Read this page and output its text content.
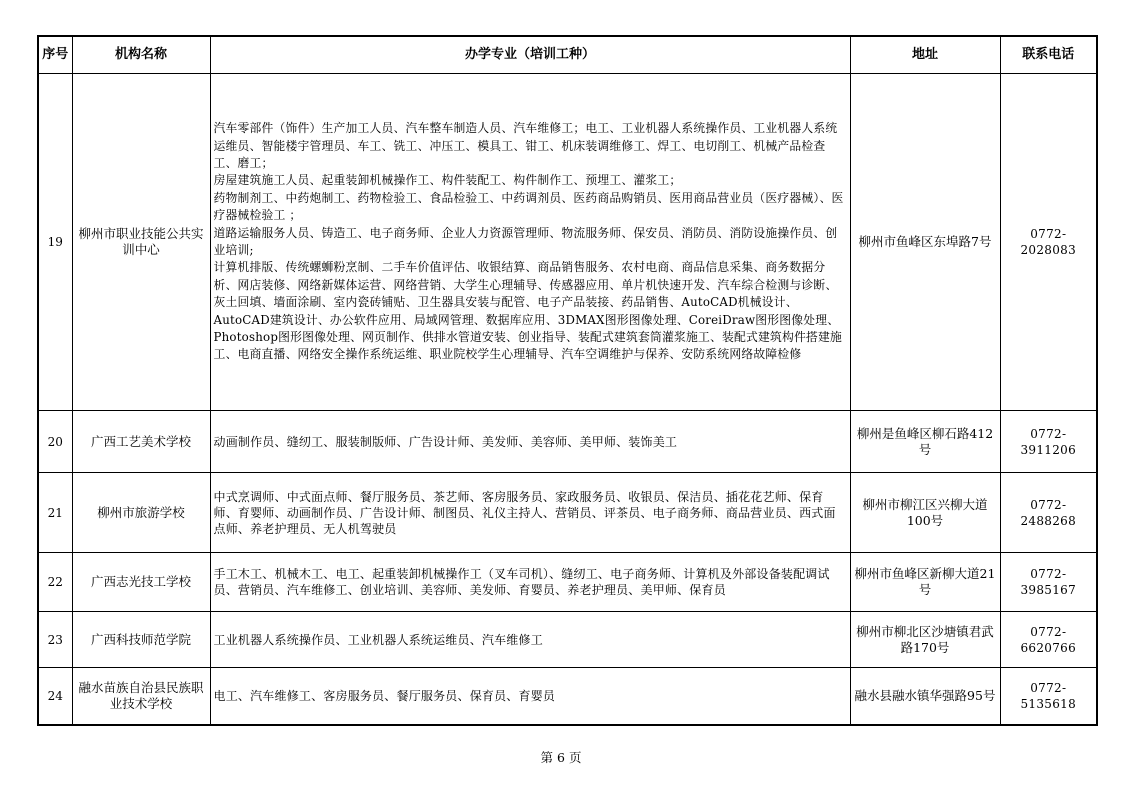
序号	机构名称	办学专业（培训工种）	地址	联系电话
19	柳州市职业技能公共实训中心	汽车零部件（饰件）生产加工人员、汽车整车制造人员、汽车维修工；电工、工业机器人系统操作员、工业机器人系统运维员、智能楼宇管理员、车工、铣工、冲压工、模具工、钳工、机床装调维修工、焊工、电切削工、机械产品检查工、磨工；
房屋建筑施工人员、起重装卸机械操作工、构件装配工、构件制作工、预埋工、灌浆工；
药物制剂工、中药炮制工、药物检验工、食品检验工、中药调剂员、医药商品购销员、医用商品营业员（医疗器械）、医疗器械检验工 ；
道路运输服务人员、铸造工、电子商务师、企业人力资源管理师、物流服务师、保安员、消防员、消防设施操作员、创业培训;
计算机排版、传统螺蛳粉烹制、二手车价值评估、收银结算、商品销售服务、农村电商、商品信息采集、商务数据分析、网店装修、网络新媒体运营、网络营销、大学生心理辅导、传感器应用、单片机快速开发、汽车综合检测与诊断、灰土回填、墙面涂刷、室内瓷砖铺贴、卫生器具安装与配管、电子产品装接、药品销售、AutoCAD机械设计、AutoCAD建筑设计、办公软件应用、局域网管理、数据库应用、3DMAX图形图像处理、CoreiDraw图形图像处理、Photoshop图形图像处理、网页制作、供排水管道安装、创业指导、装配式建筑套筒灌浆施工、装配式建筑构件搭建施工、电商直播、网络安全操作系统运维、职业院校学生心理辅导、汽车空调维护与保养、安防系统网络故障检修	柳州市鱼峰区东埠路7号	0772-2028083
20	广西工艺美术学校	动画制作员、缝纫工、服装制版师、广告设计师、美发师、美容师、美甲师、装饰美工	柳州是鱼峰区柳石路412号	0772-3911206
21	柳州市旅游学校	中式烹调师、中式面点师、餐厅服务员、茶艺师、客房服务员、家政服务员、收银员、保洁员、插花花艺师、保育师、育婴师、动画制作员、广告设计师、制图员、礼仪主持人、营销员、评茶员、电子商务师、商品营业员、西式面点师、养老护理员、无人机驾驶员	柳州市柳江区兴柳大道100号	0772-2488268
22	广西志光技工学校	手工木工、机械木工、电工、起重装卸机械操作工（叉车司机）、缝纫工、电子商务师、计算机及外部设备装配调试员、营销员、汽车维修工、创业培训、美容师、美发师、育婴员、养老护理员、美甲师、保育员	柳州市鱼峰区新柳大道21号	0772-3985167
23	广西科技师范学院	工业机器人系统操作员、工业机器人系统运维员、汽车维修工	柳州市柳北区沙塘镇君武路170号	0772-6620766
24	融水苗族自治县民族职业技术学校	电工、汽车维修工、客房服务员、餐厅服务员、保育员、育婴员	融水县融水镇华强路95号	0772-5135618
第 6 页
